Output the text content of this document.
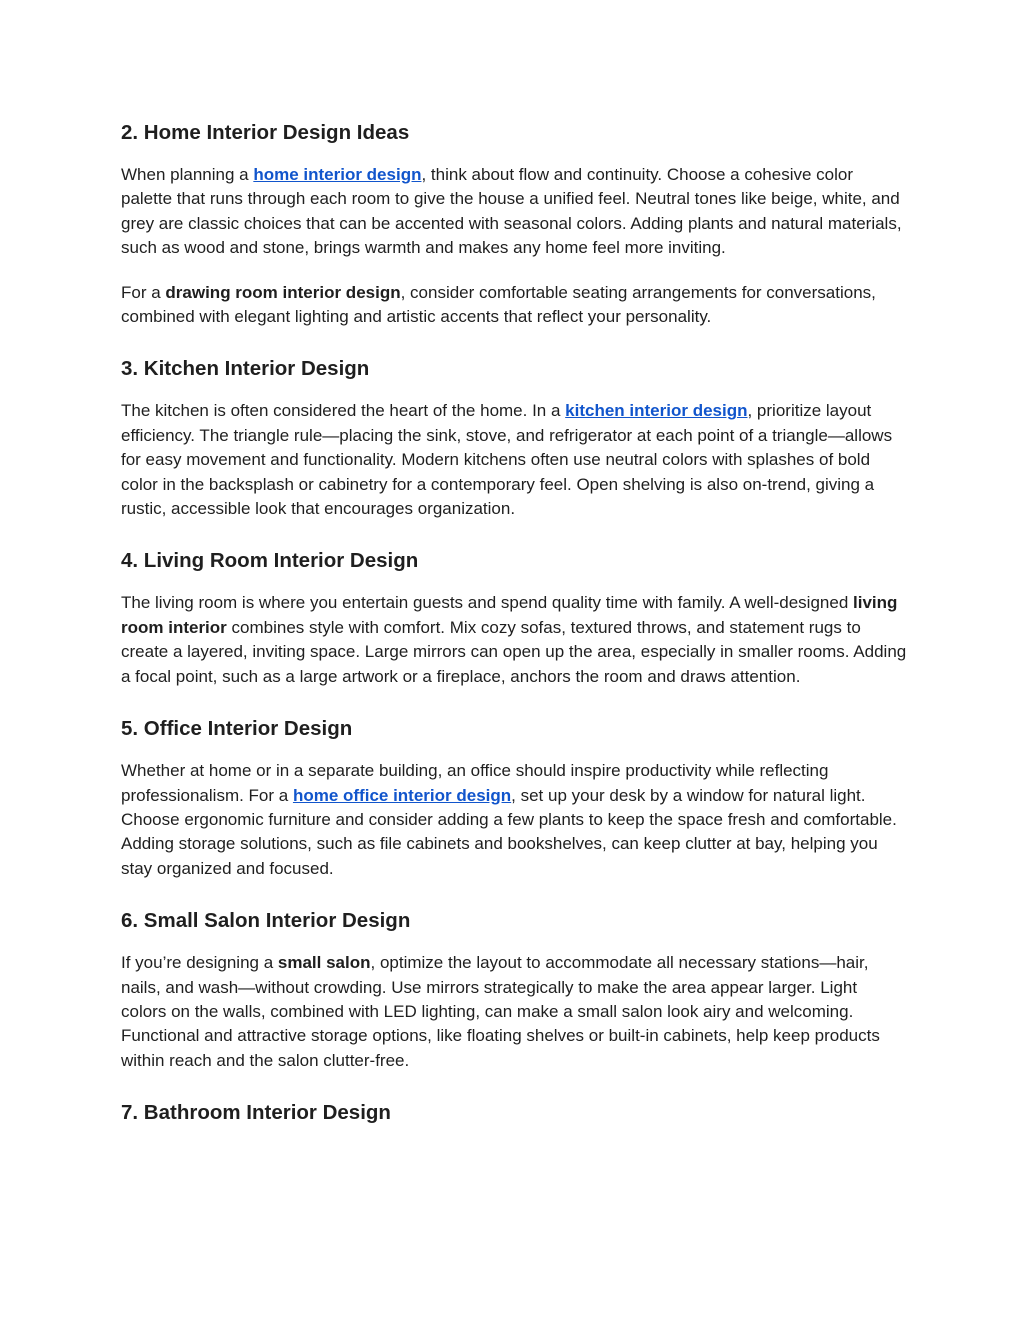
2. Home Interior Design Ideas

When planning a home interior design, think about flow and continuity. Choose a cohesive color palette that runs through each room to give the house a unified feel. Neutral tones like beige, white, and grey are classic choices that can be accented with seasonal colors. Adding plants and natural materials, such as wood and stone, brings warmth and makes any home feel more inviting.

For a drawing room interior design, consider comfortable seating arrangements for conversations, combined with elegant lighting and artistic accents that reflect your personality.

3. Kitchen Interior Design

The kitchen is often considered the heart of the home. In a kitchen interior design, prioritize layout efficiency. The triangle rule—placing the sink, stove, and refrigerator at each point of a triangle—allows for easy movement and functionality. Modern kitchens often use neutral colors with splashes of bold color in the backsplash or cabinetry for a contemporary feel. Open shelving is also on-trend, giving a rustic, accessible look that encourages organization.

4. Living Room Interior Design

The living room is where you entertain guests and spend quality time with family. A well-designed living room interior combines style with comfort. Mix cozy sofas, textured throws, and statement rugs to create a layered, inviting space. Large mirrors can open up the area, especially in smaller rooms. Adding a focal point, such as a large artwork or a fireplace, anchors the room and draws attention.

5. Office Interior Design

Whether at home or in a separate building, an office should inspire productivity while reflecting professionalism. For a home office interior design, set up your desk by a window for natural light. Choose ergonomic furniture and consider adding a few plants to keep the space fresh and comfortable. Adding storage solutions, such as file cabinets and bookshelves, can keep clutter at bay, helping you stay organized and focused.

6. Small Salon Interior Design

If you’re designing a small salon, optimize the layout to accommodate all necessary stations—hair, nails, and wash—without crowding. Use mirrors strategically to make the area appear larger. Light colors on the walls, combined with LED lighting, can make a small salon look airy and welcoming. Functional and attractive storage options, like floating shelves or built-in cabinets, help keep products within reach and the salon clutter-free.

7. Bathroom Interior Design
